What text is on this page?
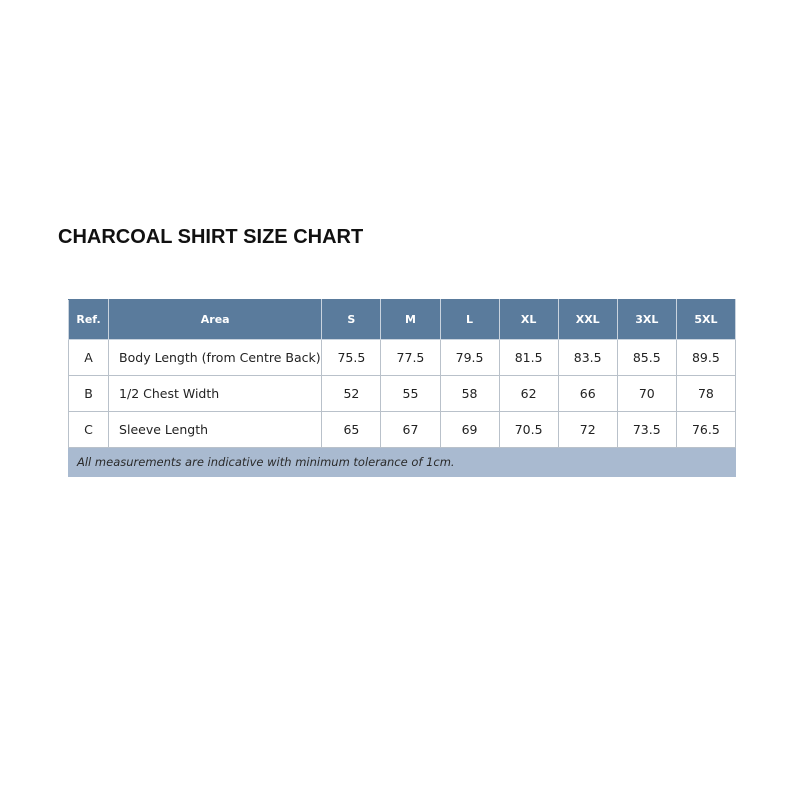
CHARCOAL SHIRT SIZE CHART
Ref.	Area	S	M	L	XL	XXL	3XL	5XL
A	Body Length (from Centre Back)	75.5	77.5	79.5	81.5	83.5	85.5	89.5
B	1/2 Chest Width	52	55	58	62	66	70	78
C	Sleeve Length	65	67	69	70.5	72	73.5	76.5
All measurements are indicative with minimum tolerance of 1cm.								
